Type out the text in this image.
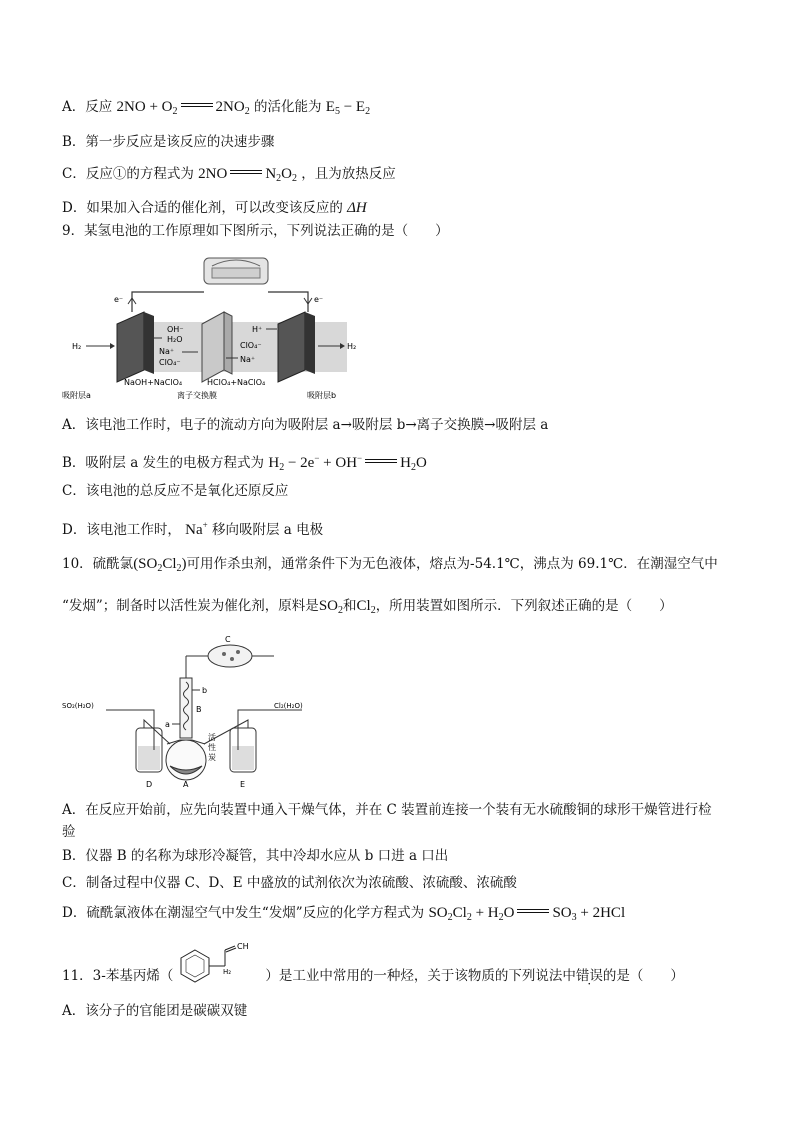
A．反应 $2NO + O_2$	$2NO_2$ 的活化能为 $E_5 - E_2$
B．第一步反应是该反应的决速步骤
C．反应①的方程式为 2NO	$N_2O_2$ ，且为放热反应
D．如果加入合适的催化剂，可以改变该反应的 ΔH
9．某氢电池的工作原理如下图所示，下列说法正确的是（　　）
e⁻	e⁻
H₂	H₂
OH⁻
H₂O
Na⁺
ClO₄⁻
H⁺
ClO₄⁻
Na⁺
NaOH+NaClO₄	HClO₄+NaClO₄
吸附层a	离子交换膜	吸附层b
A．该电池工作时，电子的流动方向为吸附层 a→吸附层 b→离子交换膜→吸附层 a
B．吸附层 a 发生的电极方程式为 $H_2 - 2e^- + OH^-$	$H_2O$
C．该电池的总反应不是氧化还原反应
D．该电池工作时， Na+ 移向吸附层 a 电极
10．硫酰氯$(SO_2Cl_2)$可用作杀虫剂，通常条件下为无色液体，熔点为-54.1℃，沸点为 69.1℃．在潮湿空气中
“发烟”；制备时以活性炭为催化剂，原料是$SO_2$和$Cl_2$，所用装置如图所示．下列叙述正确的是（　　）
C
b
a
B
活
性
炭
SO₂(H₂O)	Cl₂(H₂O)
D	A	E
A．在反应开始前，应先向装置中通入干燥气体，并在 C 装置前连接一个装有无水硫酸铜的球形干燥管进行检
验
B．仪器 B 的名称为球形冷凝管，其中冷却水应从 b 口进 a 口出
C．制备过程中仪器 C、D、E 中盛放的试剂依次为浓硫酸、浓硫酸、浓硫酸
D．硫酰氯液体在潮湿空气中发生“发烟”反应的化学方程式为 $SO_2Cl_2 + H_2O$	$SO_3 + 2HCl$
11．3-苯基丙烯（	）是工业中常用的一种烃，关于该物质的下列说法中错误的是（　　）
H₂
CH
A．该分子的官能团是碳碳双键
